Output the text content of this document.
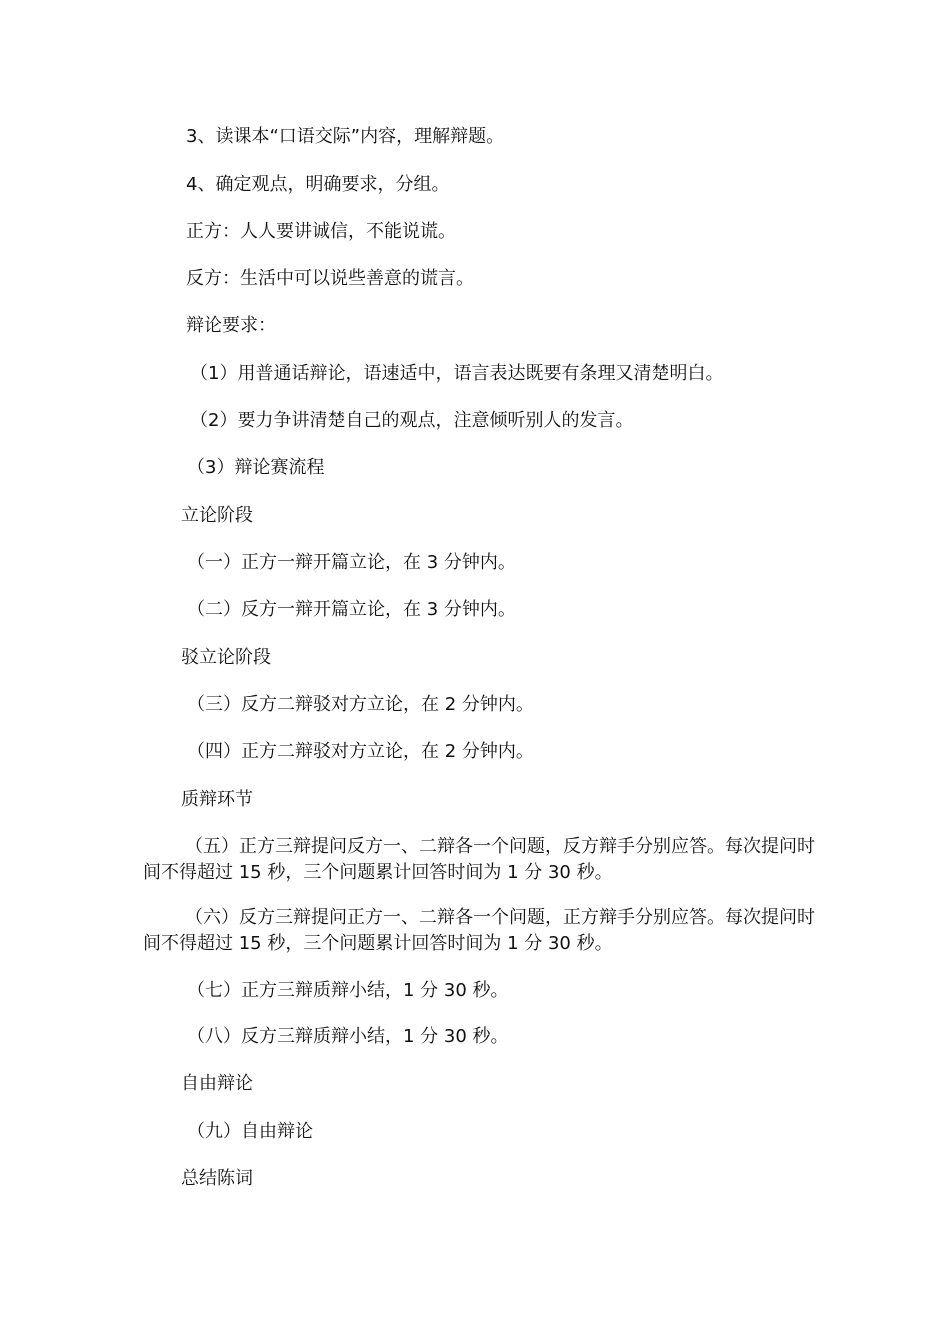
3、读课本“口语交际”内容，理解辩题。
4、确定观点，明确要求，分组。
正方：人人要讲诚信，不能说谎。
反方：生活中可以说些善意的谎言。
辩论要求：
（1）用普通话辩论，语速适中，语言表达既要有条理又清楚明白。
（2）要力争讲清楚自己的观点，注意倾听别人的发言。
（3）辩论赛流程
立论阶段
（一）正方一辩开篇立论，在 3 分钟内。
（二）反方一辩开篇立论，在 3 分钟内。
驳立论阶段
（三）反方二辩驳对方立论，在 2 分钟内。
（四）正方二辩驳对方立论，在 2 分钟内。
质辩环节
（五）正方三辩提问反方一、二辩各一个问题，反方辩手分别应答。每次提问时间不得超过 15 秒，三个问题累计回答时间为 1 分 30 秒。
（六）反方三辩提问正方一、二辩各一个问题，正方辩手分别应答。每次提问时间不得超过 15 秒，三个问题累计回答时间为 1 分 30 秒。
（七）正方三辩质辩小结，1 分 30 秒。
（八）反方三辩质辩小结，1 分 30 秒。
自由辩论
（九）自由辩论
总结陈词
